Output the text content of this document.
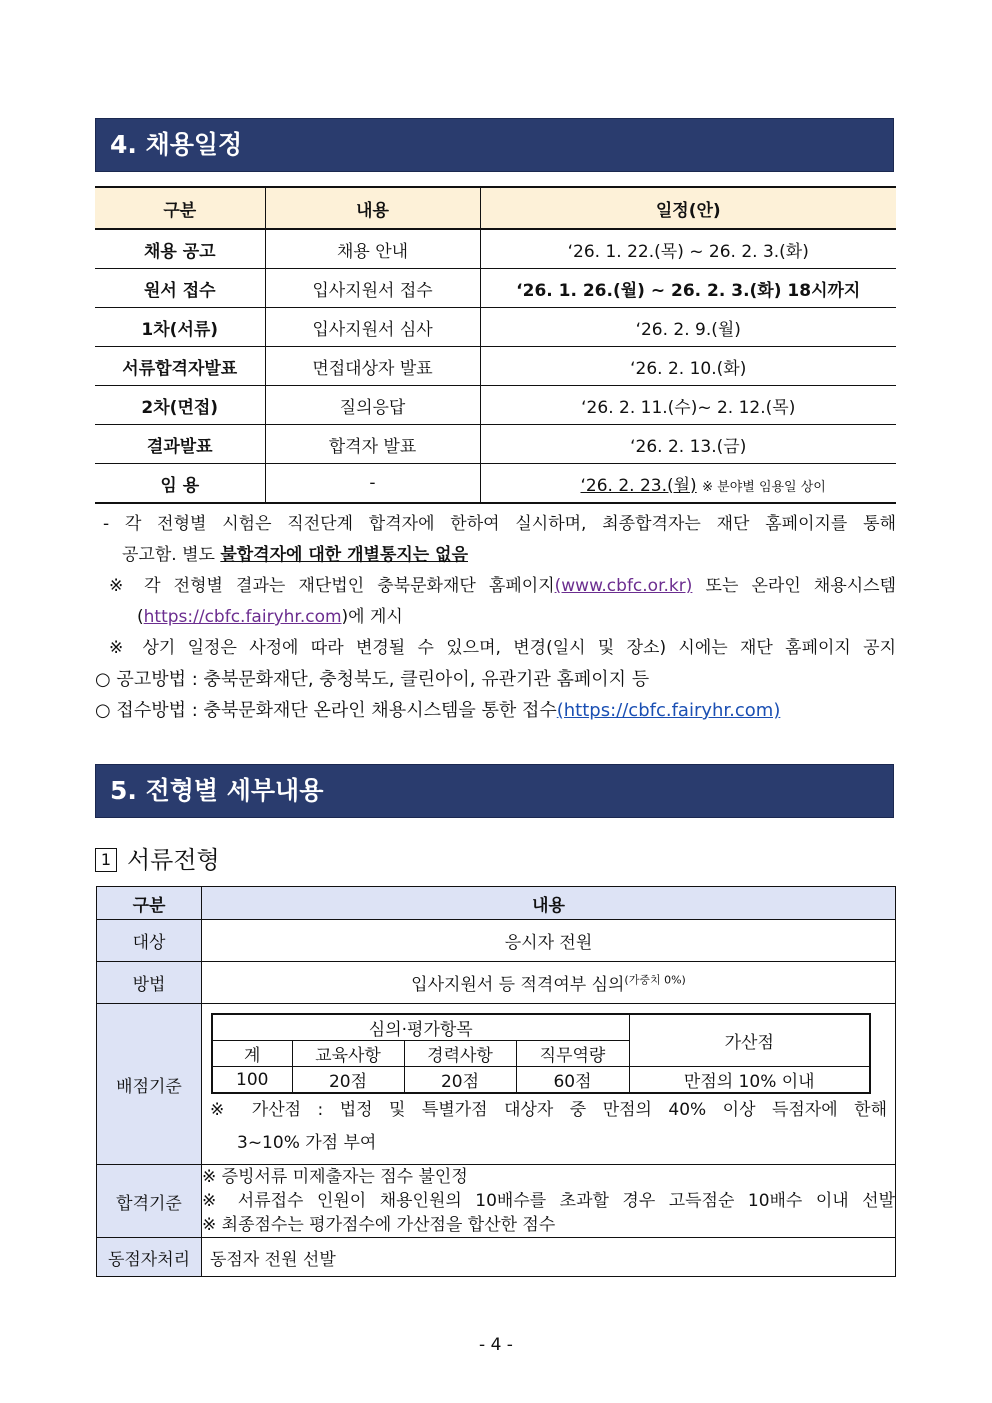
4. 채용일정
구분	내용	일정(안)
채용 공고	채용 안내	‘26. 1. 22.(목) ~ 26. 2. 3.(화)
원서 접수	입사지원서 접수	‘26. 1. 26.(월) ~ 26. 2. 3.(화) 18시까지
1차(서류)	입사지원서 심사	‘26. 2. 9.(월)
서류합격자발표	면접대상자 발표	‘26. 2. 10.(화)
2차(면접)	질의응답	‘26. 2. 11.(수)~ 2. 12.(목)
결과발표	합격자 발표	‘26. 2. 13.(금)
임 용	-	‘26. 2. 23.(월) ※ 분야별 임용일 상이

- 각 전형별 시험은 직전단계 합격자에 한하여 실시하며, 최종합격자는 재단 홈페이지를 통해

공고함. 별도 불합격자에 대한 개별통지는 없음

※ 각 전형별 결과는 재단법인 충북문화재단 홈페이지(www.cbfc.or.kr) 또는 온라인 채용시스템

(https://cbfc.fairyhr.com)에 게시

※ 상기 일정은 사정에 따라 변경될 수 있으며, 변경(일시 및 장소) 시에는 재단 홈페이지 공지

○ 공고방법 : 충북문화재단, 충청북도, 클린아이, 유관기관 홈페이지 등

○ 접수방법 : 충북문화재단 온라인 채용시스템을 통한 접수(https://cbfc.fairyhr.com)

5. 전형별 세부내용
1 서류전형
구분	내용
대상	응시자 전원
방법	입사지원서 등 적격여부 심의$^{(가중치 0\%)}$
배점기준	
심의·평가항목	가산점
계	교육사항	경력사항	직무역량
100	20점	20점	60점	만점의 10% 이내
※ 가산점 : 법정 및 특별가점 대상자 중 만점의 40% 이상 득점자에 한해
3~10% 가점 부여

합격기준	
※ 증빙서류 미제출자는 점수 불인정
※ 서류접수 인원이 채용인원의 10배수를 초과할 경우 고득점순 10배수 이내 선발
※ 최종점수는 평가점수에 가산점을 합산한 점수

동점자처리	동점자 전원 선발
- 4 -
